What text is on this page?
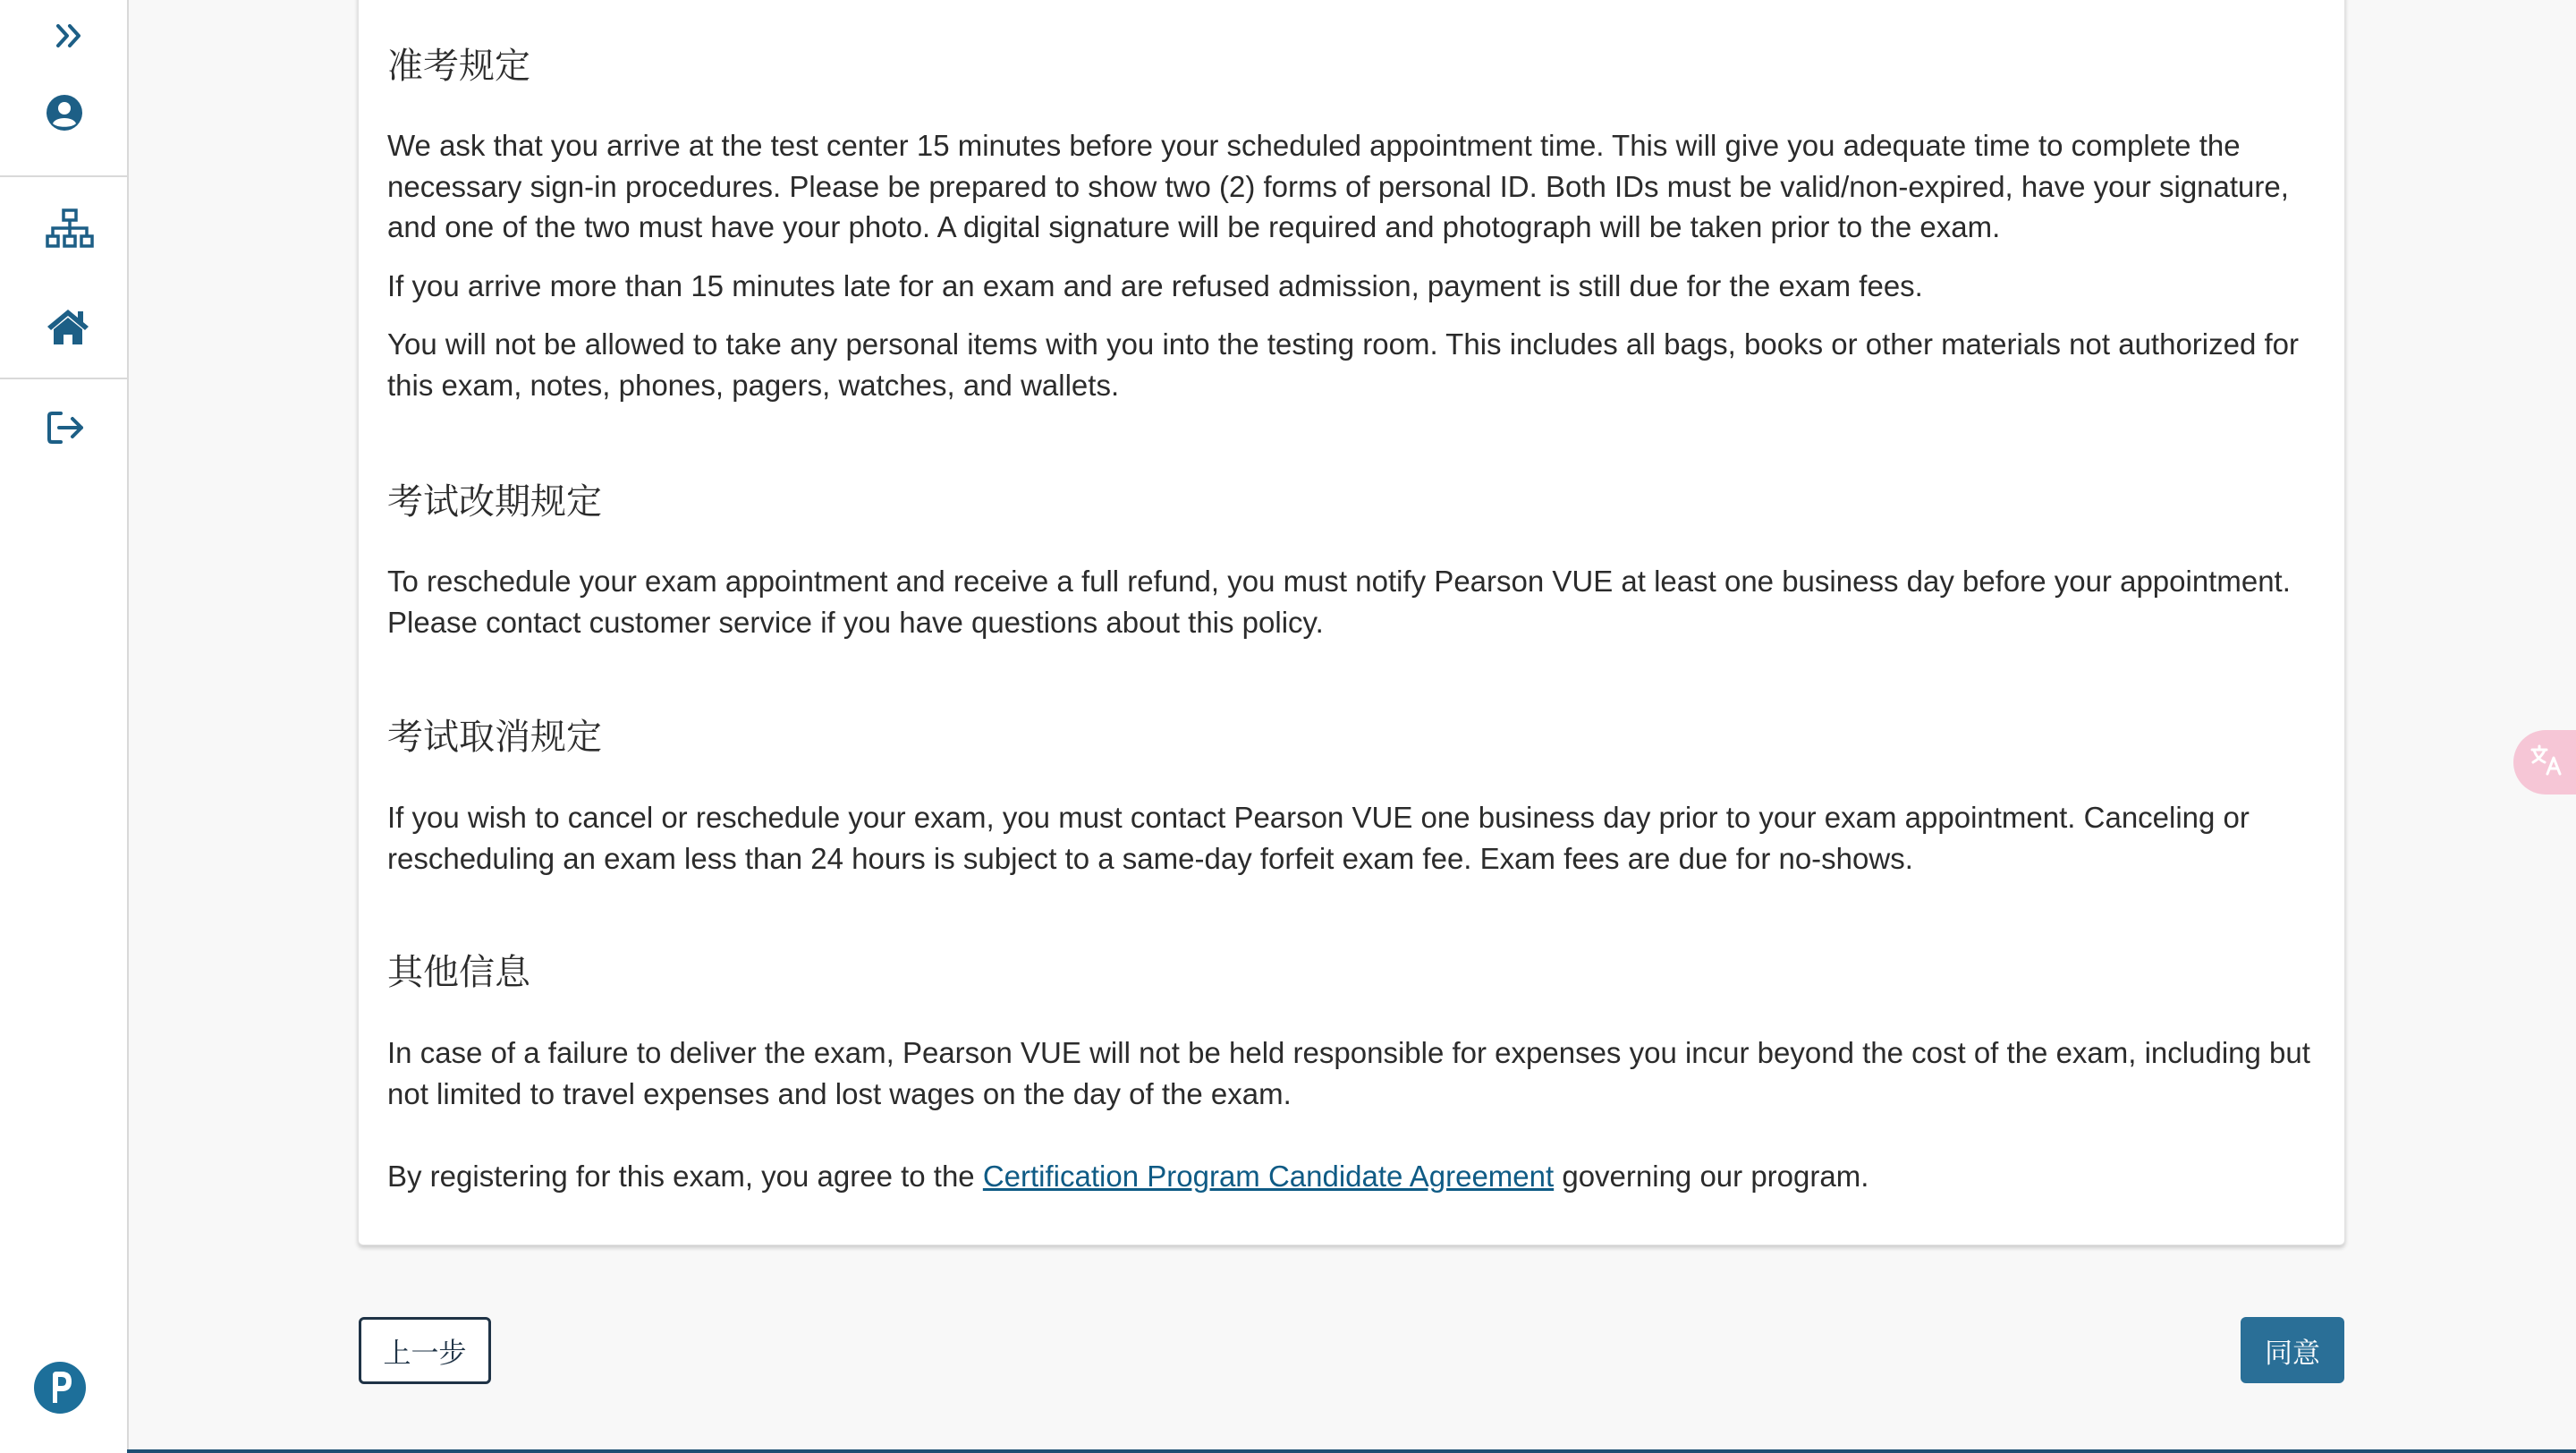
准考规定

We ask that you arrive at the test center 15 minutes before your scheduled appointment time. This will give you adequate time to complete the necessary sign-in procedures. Please be prepared to show two (2) forms of personal ID. Both IDs must be valid/non-expired, have your signature, and one of the two must have your photo. A digital signature will be required and photograph will be taken prior to the exam.

If you arrive more than 15 minutes late for an exam and are refused admission, payment is still due for the exam fees.

You will not be allowed to take any personal items with you into the testing room. This includes all bags, books or other materials not authorized for this exam, notes, phones, pagers, watches, and wallets.

考试改期规定

To reschedule your exam appointment and receive a full refund, you must notify Pearson VUE at least one business day before your appointment. Please contact customer service if you have questions about this policy.

考试取消规定

If you wish to cancel or reschedule your exam, you must contact Pearson VUE one business day prior to your exam appointment. Canceling or rescheduling an exam less than 24 hours is subject to a same-day forfeit exam fee. Exam fees are due for no-shows.

其他信息

In case of a failure to deliver the exam, Pearson VUE will not be held responsible for expenses you incur beyond the cost of the exam, including but not limited to travel expenses and lost wages on the day of the exam.

By registering for this exam, you agree to the Certification Program Candidate Agreement governing our program.

上一步	同意
